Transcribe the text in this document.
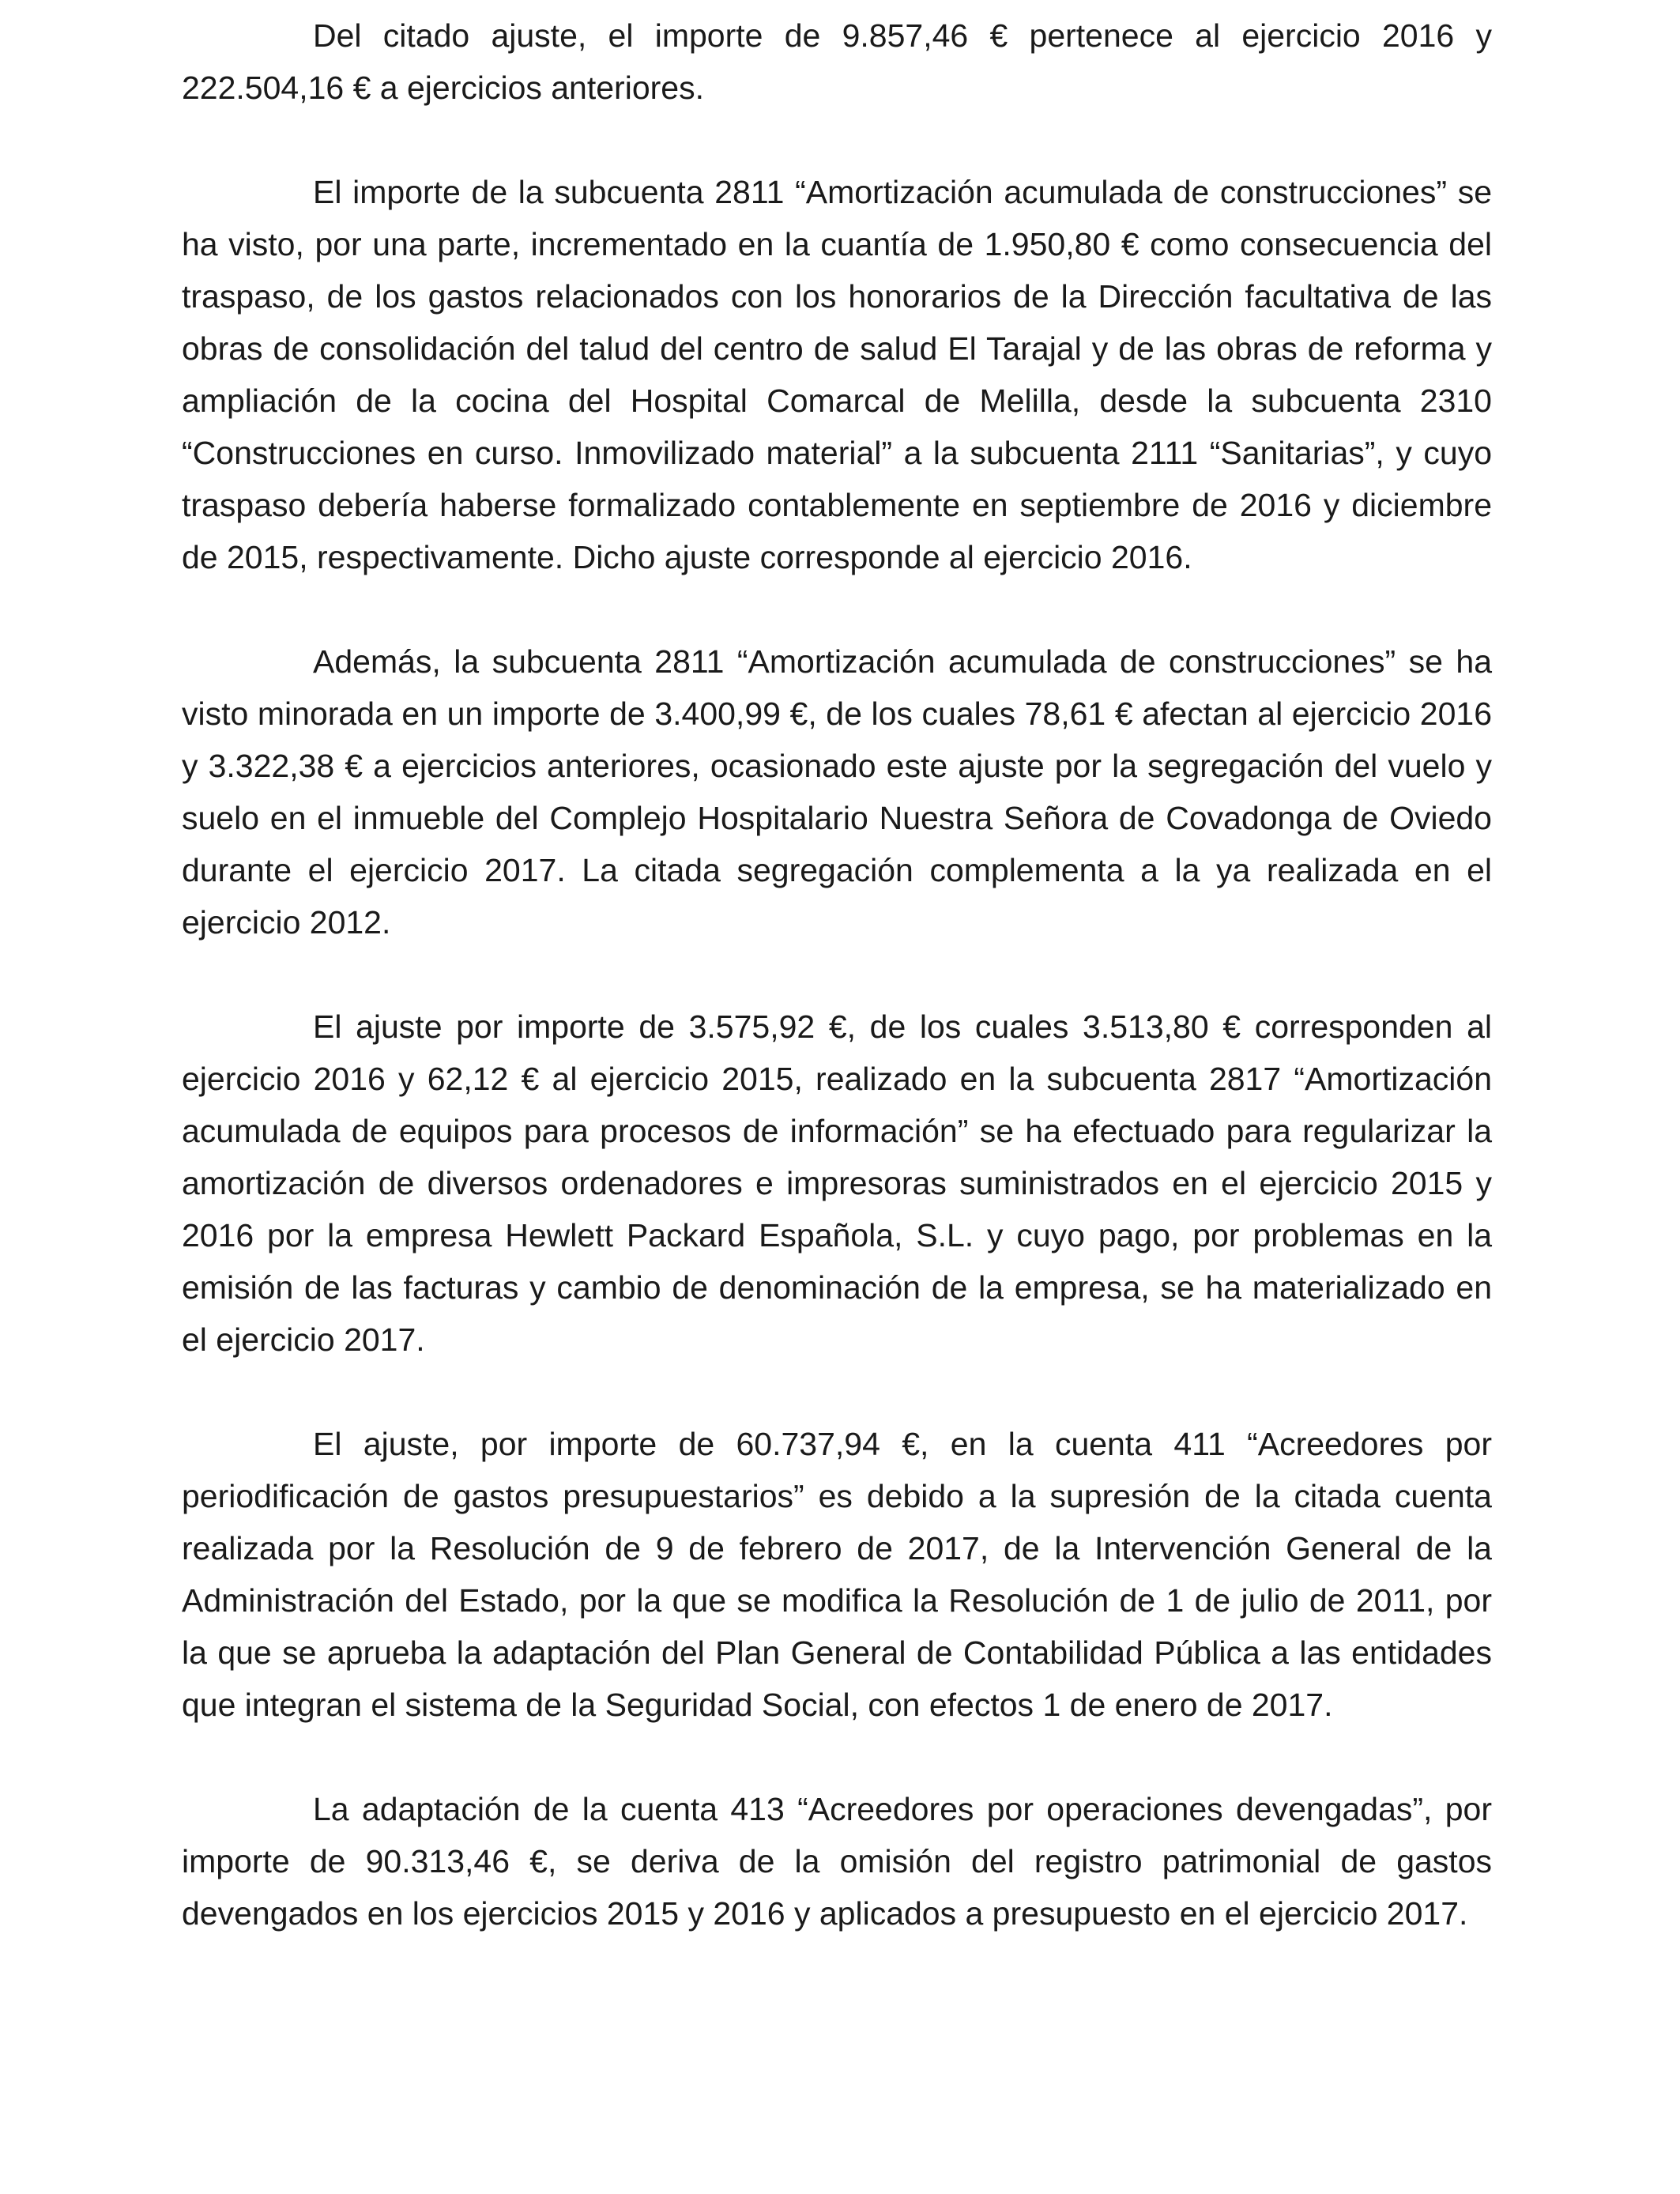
Del citado ajuste, el importe de 9.857,46 € pertenece al ejercicio 2016 y 222.504,16 € a ejercicios anteriores.

El importe de la subcuenta 2811 “Amortización acumulada de construcciones” se ha visto, por una parte, incrementado en la cuantía de 1.950,80 € como consecuencia del traspaso, de los gastos relacionados con los honorarios de la Dirección facultativa de las obras de consolidación del talud del centro de salud El Tarajal y de las obras de reforma y ampliación de la cocina del Hospital Comarcal de Melilla, desde la subcuenta 2310 “Construcciones en curso. Inmovilizado material” a la subcuenta 2111 “Sanitarias”, y cuyo traspaso debería haberse formalizado contablemente en septiembre de 2016 y diciembre de 2015, respectivamente. Dicho ajuste corresponde al ejercicio 2016.

Además, la subcuenta 2811 “Amortización acumulada de construcciones” se ha visto minorada en un importe de 3.400,99 €, de los cuales 78,61 € afectan al ejercicio 2016 y 3.322,38 € a ejercicios anteriores, ocasionado este ajuste por la segregación del vuelo y suelo en el inmueble del Complejo Hospitalario Nuestra Señora de Covadonga de Oviedo durante el ejercicio 2017. La citada segregación complementa a la ya realizada en el ejercicio 2012.

El ajuste por importe de 3.575,92 €, de los cuales 3.513,80 € corresponden al ejercicio 2016 y 62,12 € al ejercicio 2015, realizado en la subcuenta 2817 “Amortización acumulada de equipos para procesos de información” se ha efectuado para regularizar la amortización de diversos ordenadores e impresoras suministrados en el ejercicio 2015 y 2016 por la empresa Hewlett Packard Española, S.L. y cuyo pago, por problemas en la emisión de las facturas y cambio de denominación de la empresa, se ha materializado en el ejercicio 2017.

El ajuste, por importe de 60.737,94 €, en la cuenta 411 “Acreedores por periodificación de gastos presupuestarios” es debido a la supresión de la citada cuenta realizada por la Resolución de 9 de febrero de 2017, de la Intervención General de la Administración del Estado, por la que se modifica la Resolución de 1 de julio de 2011, por la que se aprueba la adaptación del Plan General de Contabilidad Pública a las entidades que integran el sistema de la Seguridad Social, con efectos 1 de enero de 2017.

La adaptación de la cuenta 413 “Acreedores por operaciones devengadas”, por importe de 90.313,46 €, se deriva de la omisión del registro patrimonial de gastos devengados en los ejercicios 2015 y 2016 y aplicados a presupuesto en el ejercicio 2017.
